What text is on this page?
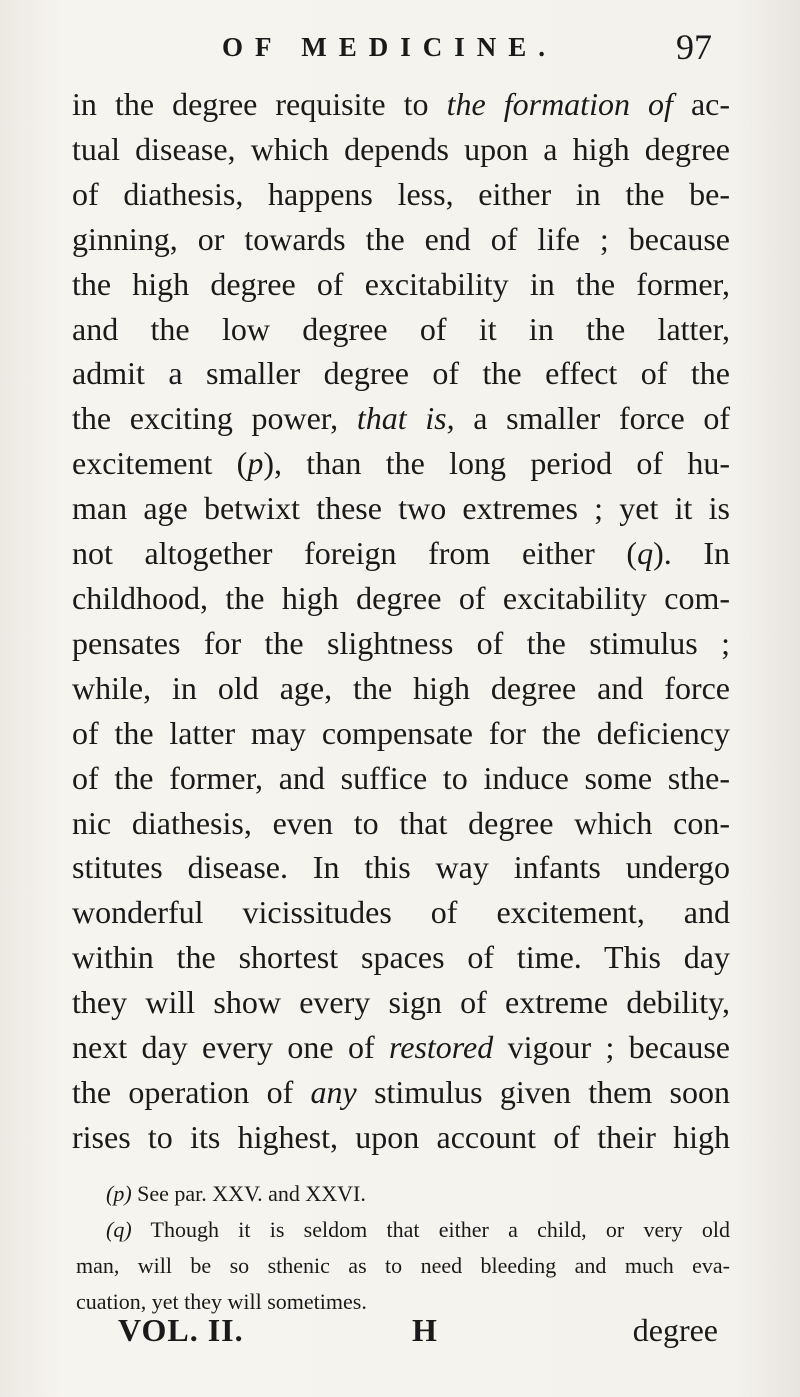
OF MEDICINE.	97
in the degree requisite to the formation of ac-
tual disease, which depends upon a high degree
of diathesis, happens less, either in the be-
ginning, or towards the end of life ; because
the high degree of excitability in the former,
and the low degree of it in the latter,
admit a smaller degree of the effect of the
the exciting power, that is, a smaller force of
excitement (p), than the long period of hu-
man age betwixt these two extremes ; yet it is
not altogether foreign from either (q). In
childhood, the high degree of excitability com-
pensates for the slightness of the stimulus ;
while, in old age, the high degree and force
of the latter may compensate for the deficiency
of the former, and suffice to induce some sthe-
nic diathesis, even to that degree which con-
stitutes disease. In this way infants undergo
wonderful vicissitudes of excitement, and
within the shortest spaces of time. This day
they will show every sign of extreme debility,
next day every one of restored vigour ; because
the operation of any stimulus given them soon
rises to its highest, upon account of their high
(p) See par. XXV. and XXVI.
(q) Though it is seldom that either a child, or very old
man, will be so sthenic as to need bleeding and much eva-
cuation, yet they will sometimes.
VOL. II.	H	degree
